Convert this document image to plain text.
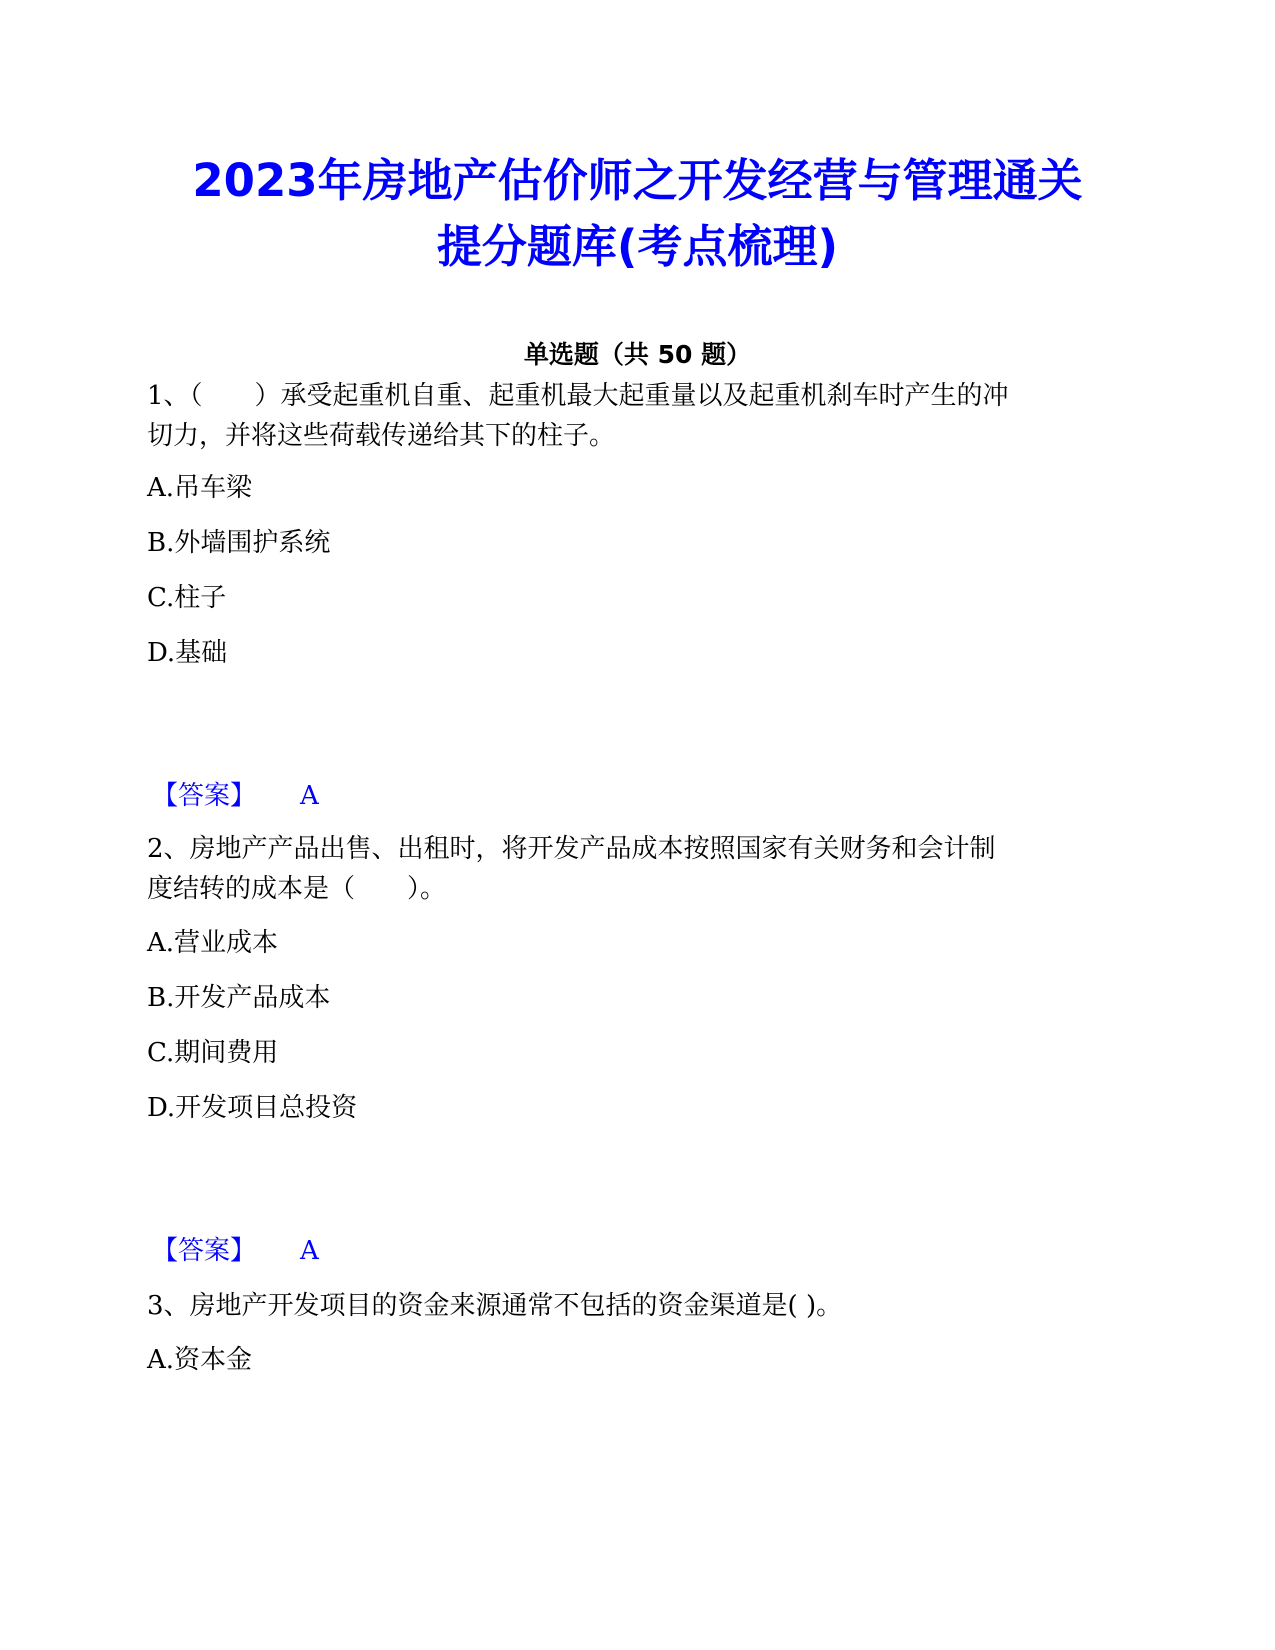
2023年房地产估价师之开发经营与管理通关
提分题库(考点梳理)
单选题（共 50 题）

1、（　　）承受起重机自重、起重机最大起重量以及起重机刹车时产生的冲
切力，并将这些荷载传递给其下的柱子。

A.吊车梁
B.外墙围护系统
C.柱子
D.基础
【答案】 A

2、房地产产品出售、出租时，将开发产品成本按照国家有关财务和会计制
度结转的成本是（　　）。

A.营业成本
B.开发产品成本
C.期间费用
D.开发项目总投资
【答案】 A

3、房地产开发项目的资金来源通常不包括的资金渠道是( )。

A.资本金
